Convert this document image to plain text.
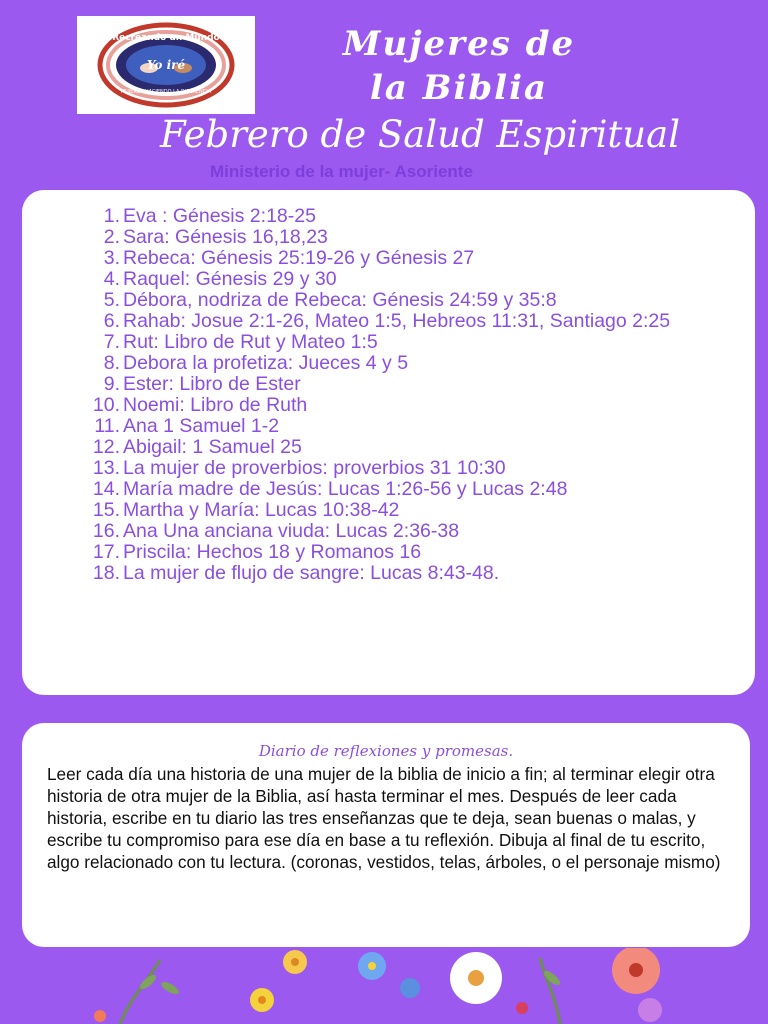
Recreando un Mundo
Yo iré
MUJERES HACIENDO LA DIFERENCIA
Mujeres de
la Biblia
Febrero de Salud Espiritual
Ministerio de la mujer- Asoriente
1. Eva : Génesis 2:18-25
2. Sara: Génesis 16,18,23
3. Rebeca: Génesis 25:19-26 y Génesis 27
4. Raquel: Génesis 29 y 30
5. Débora, nodriza de Rebeca: Génesis 24:59 y 35:8
6. Rahab: Josue 2:1-26, Mateo 1:5, Hebreos 11:31, Santiago 2:25
7. Rut: Libro de Rut y Mateo 1:5
8. Debora la profetiza: Jueces 4 y 5
9. Ester: Libro de Ester
10. Noemi: Libro de Ruth
11. Ana 1 Samuel 1-2
12. Abigail: 1 Samuel 25
13. La mujer de proverbios: proverbios 31 10:30
14. María madre de Jesús: Lucas 1:26-56 y Lucas 2:48
15. Martha y María: Lucas 10:38-42
16. Ana Una anciana viuda: Lucas 2:36-38
17. Priscila: Hechos 18 y Romanos 16
18. La mujer de flujo de sangre: Lucas 8:43-48.
Diario de reflexiones y promesas.
Leer cada día una historia de una mujer de la biblia de inicio a fin; al terminar elegir otra historia de otra mujer de la Biblia, así hasta terminar el mes. Después de leer cada historia, escribe en tu diario las tres enseñanzas que te deja, sean buenas o malas, y escribe tu compromiso para ese día en base a tu reflexión. Dibuja al final de tu escrito, algo relacionado con tu lectura. (coronas, vestidos, telas, árboles, o el personaje mismo)
